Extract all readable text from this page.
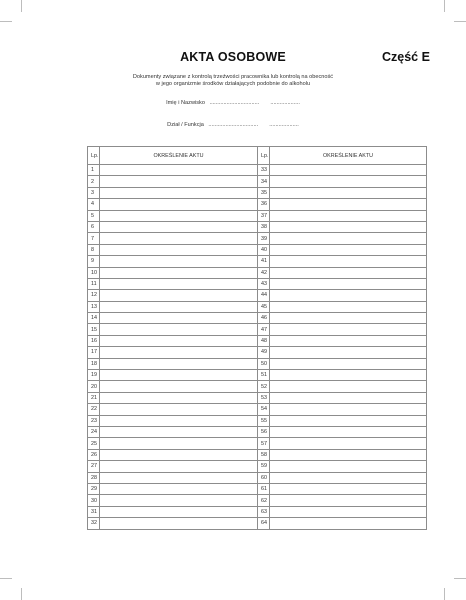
AKTA OSOBOWE	Część E
Dokumenty związane z kontrolą trzeźwości pracownika lub kontrolą na obecność
w jego organizmie środków działających podobnie do alkoholu
Imię i Nazwisko ................................ ...................
Dział / Funkcja ................................ ...................
Lp.	OKREŚLENIE AKTU	Lp.	OKREŚLENIE AKTU
1		33	
2		34	
3		35	
4		36	
5		37	
6		38	
7		39	
8		40	
9		41	
10		42	
11		43	
12		44	
13		45	
14		46	
15		47	
16		48	
17		49	
18		50	
19		51	
20		52	
21		53	
22		54	
23		55	
24		56	
25		57	
26		58	
27		59	
28		60	
29		61	
30		62	
31		63	
32		64	
